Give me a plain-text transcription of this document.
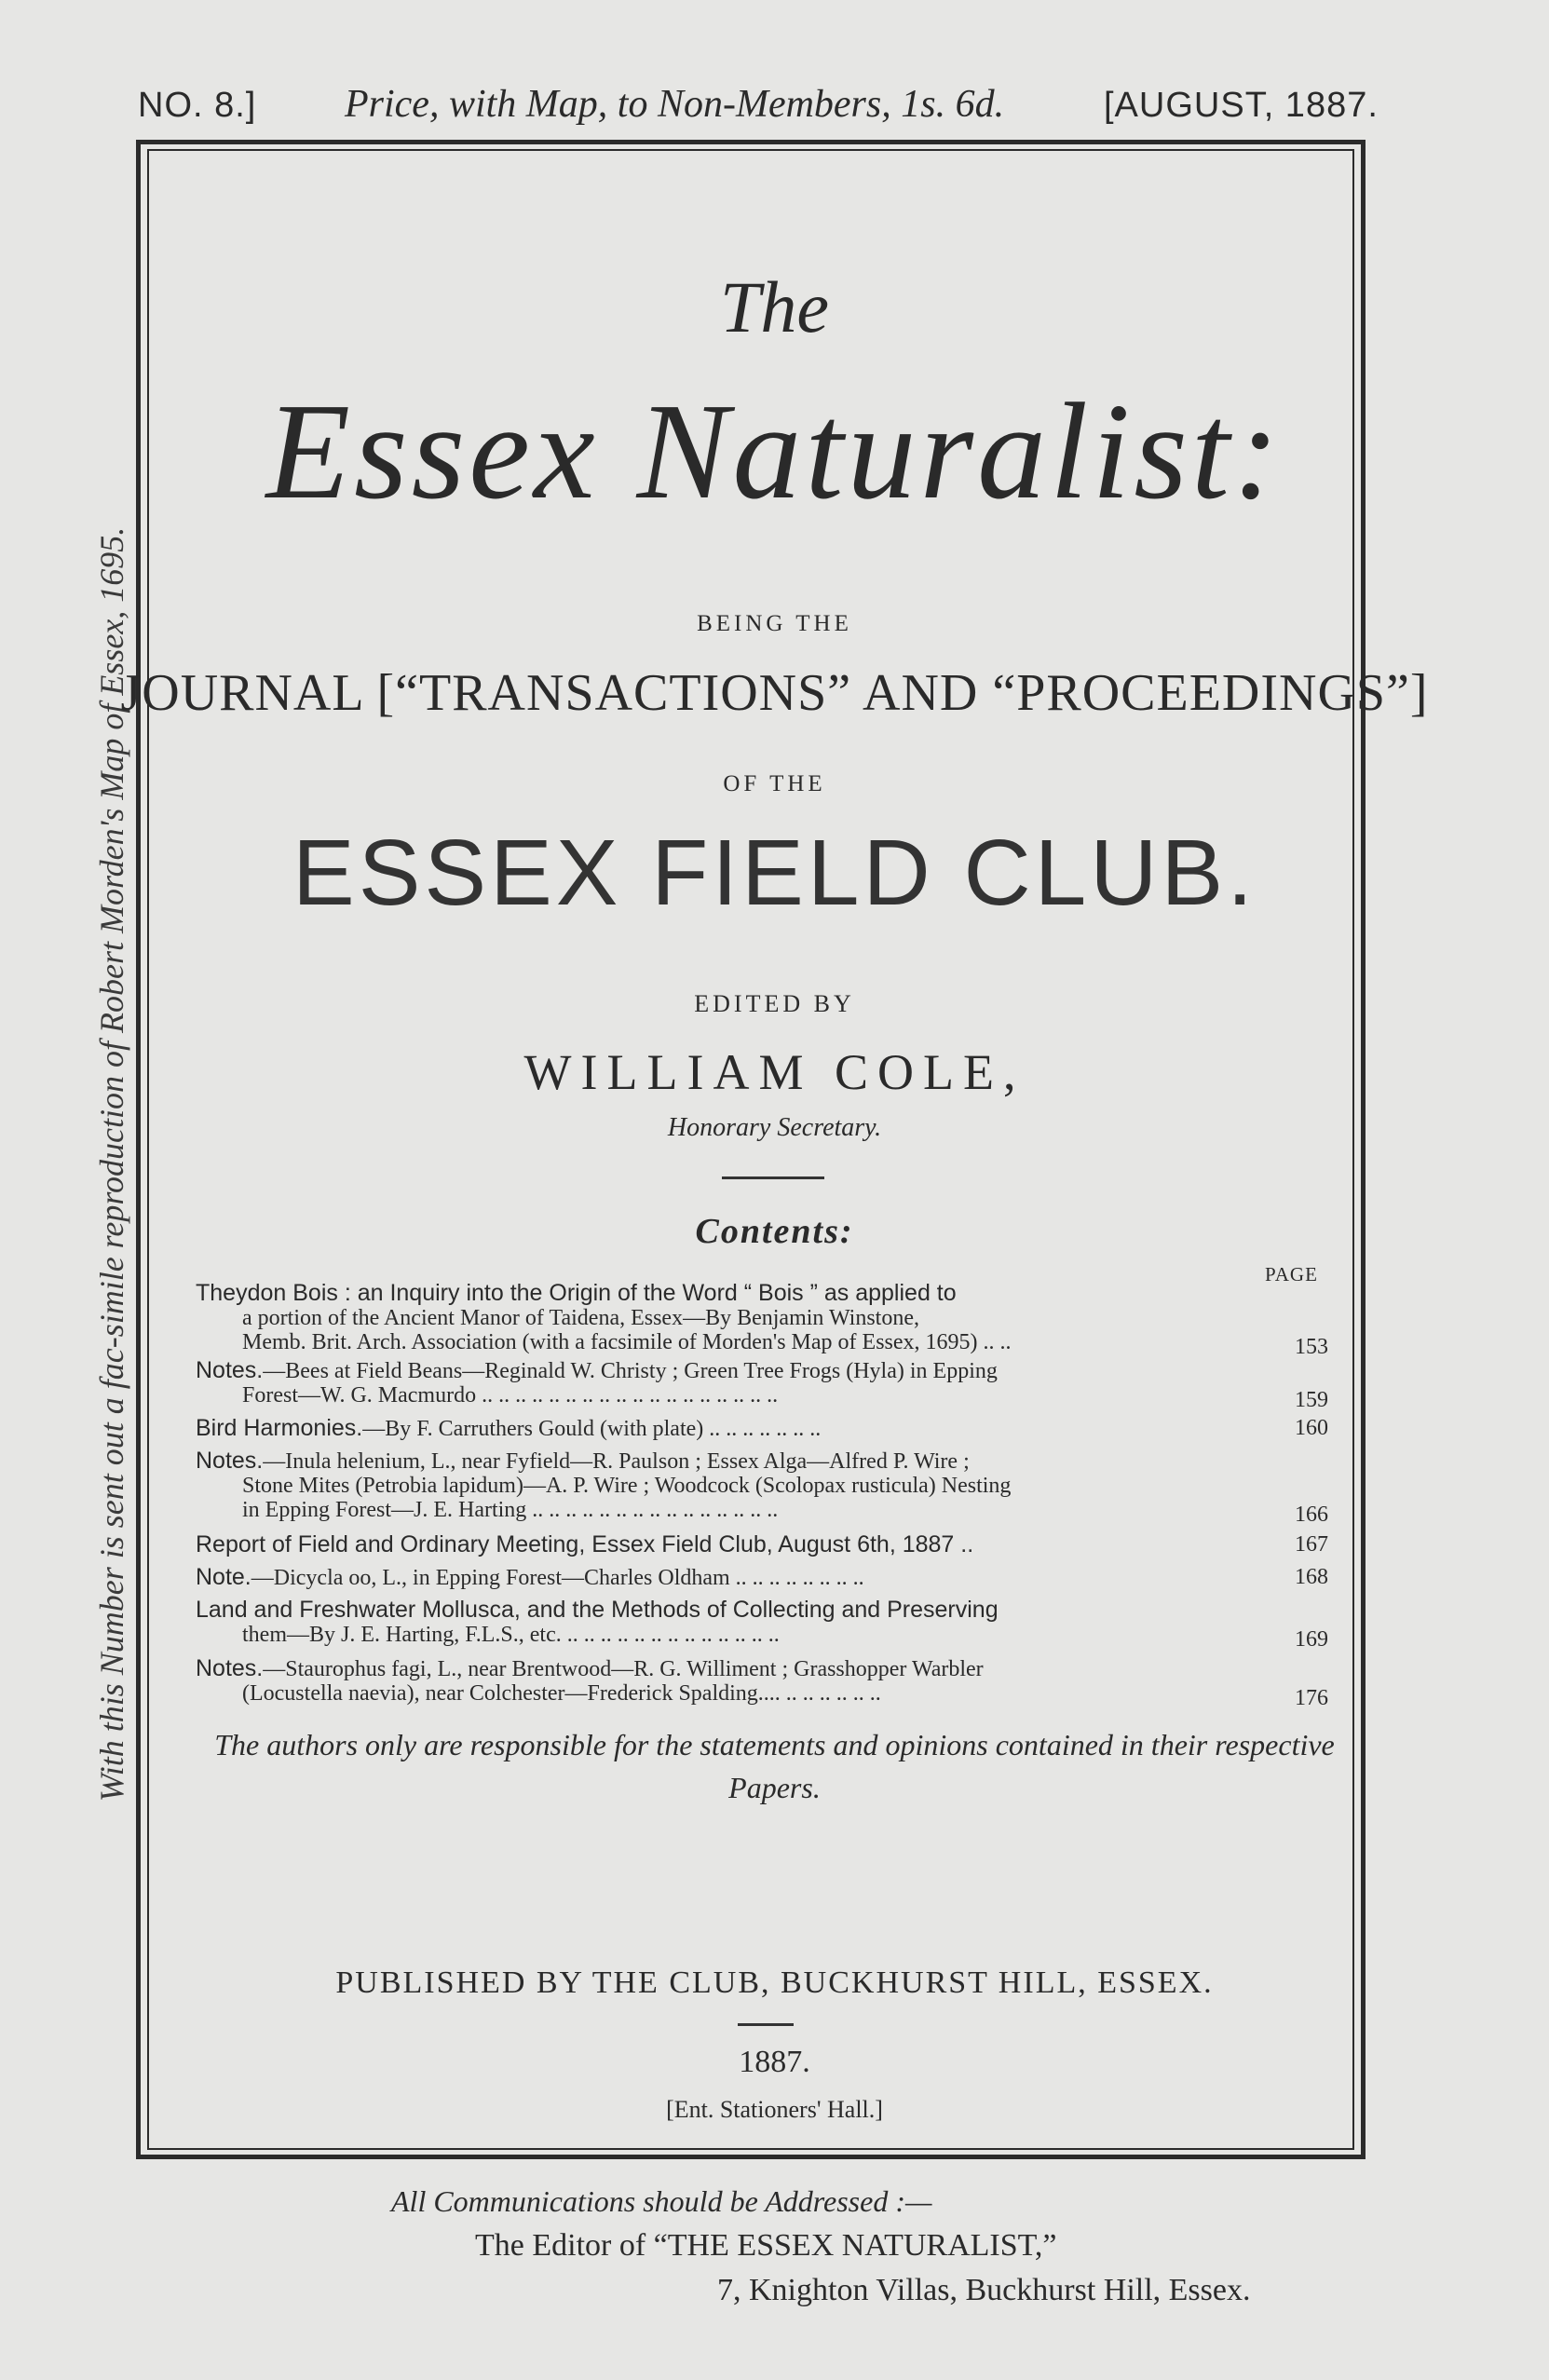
NO. 8.] Price, with Map, to Non-Members, 1s. 6d.	[AUGUST, 1887.
With this Number is sent out a fac-simile reproduction of Robert Morden's Map of Essex, 1695.
The
Essex Naturalist:
BEING THE
JOURNAL [“TRANSACTIONS” AND “PROCEEDINGS”]
OF THE
ESSEX FIELD CLUB.
EDITED BY
WILLIAM COLE,
Honorary Secretary.
Contents:
PAGE
Theydon Bois : an Inquiry into the Origin of the Word “ Bois ” as applied to
a portion of the Ancient Manor of Taidena, Essex—By Benjamin Winstone,
Memb. Brit. Arch. Association (with a facsimile of Morden's Map of Essex, 1695) .. ..	153
Notes.—Bees at Field Beans—Reginald W. Christy ; Green Tree Frogs (Hyla) in Epping
Forest—W. G. Macmurdo .. .. .. .. .. .. .. .. .. .. .. .. .. .. .. .. .. ..	159
Bird Harmonies.—By F. Carruthers Gould (with plate) .. .. .. .. .. .. ..	160
Notes.—Inula helenium, L., near Fyfield—R. Paulson ; Essex Alga—Alfred P. Wire ;
Stone Mites (Petrobia lapidum)—A. P. Wire ; Woodcock (Scolopax rusticula) Nesting
in Epping Forest—J. E. Harting .. .. .. .. .. .. .. .. .. .. .. .. .. .. ..	166
Report of Field and Ordinary Meeting, Essex Field Club, August 6th, 1887 ..	167
Note.—Dicycla oo, L., in Epping Forest—Charles Oldham .. .. .. .. .. .. .. ..	168
Land and Freshwater Mollusca, and the Methods of Collecting and Preserving
them—By J. E. Harting, F.L.S., etc. .. .. .. .. .. .. .. .. .. .. .. .. ..	169
Notes.—Staurophus fagi, L., near Brentwood—R. G. Williment ; Grasshopper Warbler
(Locustella naevia), near Colchester—Frederick Spalding.... .. .. .. .. .. ..	176
The authors only are responsible for the statements and opinions contained in their respective Papers.
PUBLISHED BY THE CLUB, BUCKHURST HILL, ESSEX.
1887.
[Ent. Stationers' Hall.]
All Communications should be Addressed :—
The Editor of “THE ESSEX NATURALIST,”
7, Knighton Villas, Buckhurst Hill, Essex.
